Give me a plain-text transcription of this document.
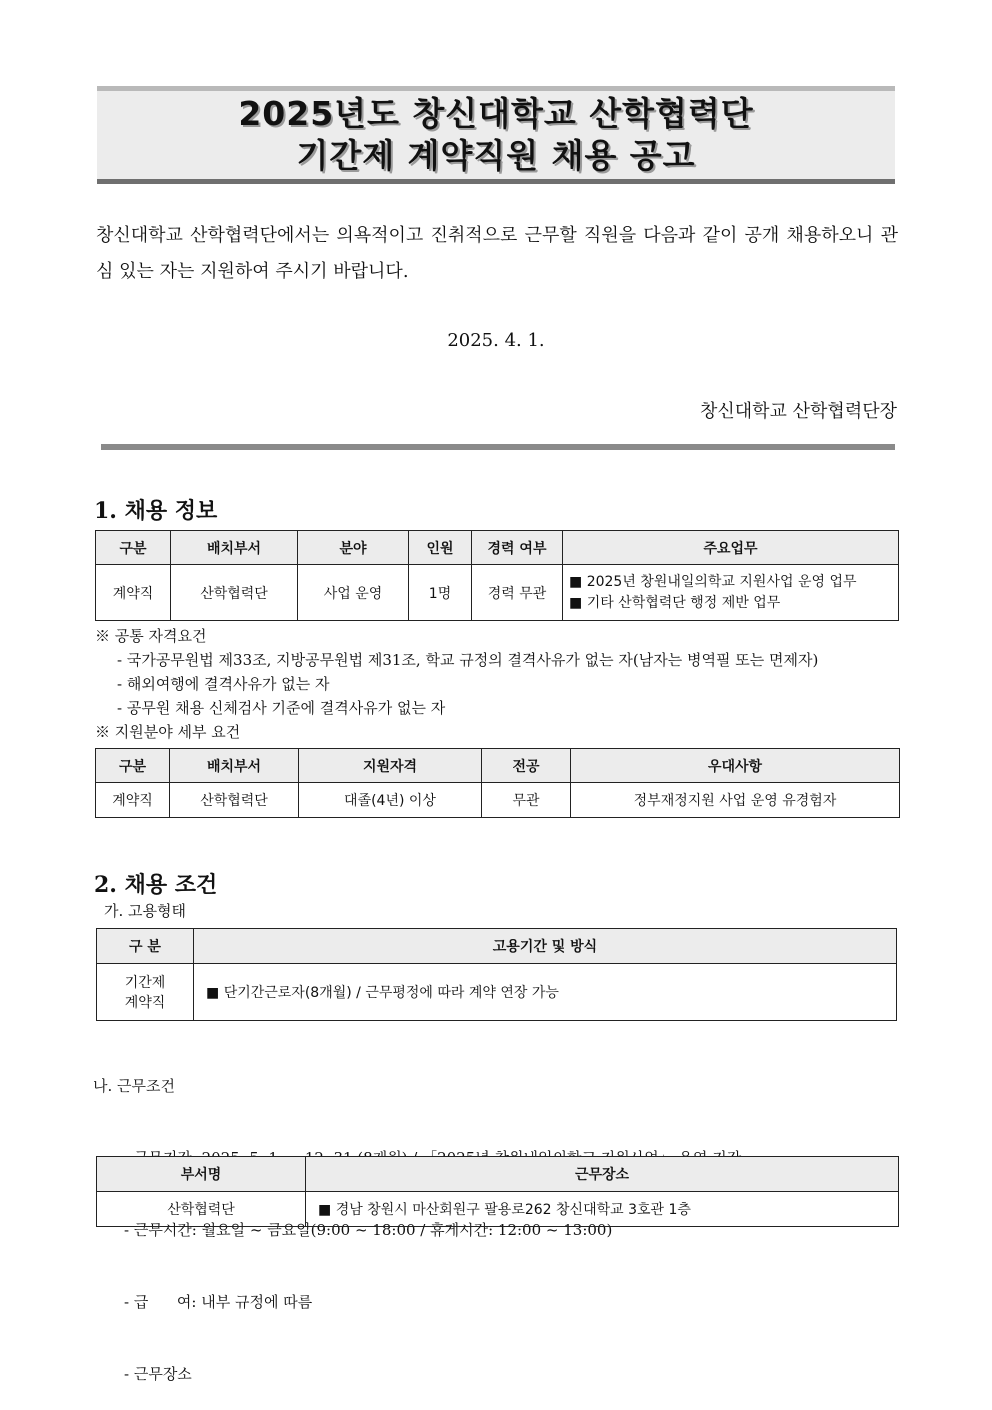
2025년도 창신대학교 산학협력단
기간제 계약직원 채용 공고
창신대학교 산학협력단에서는 의욕적이고 진취적으로 근무할 직원을 다음과 같이 공개 채용하오니 관심 있는 자는 지원하여 주시기 바랍니다.
2025. 4. 1.
창신대학교 산학협력단장
1. 채용 정보
구분	배치부서	분야	인원	경력 여부	주요업무
계약직	산학협력단	사업 운영	1명	경력 무관	■ 2025년 창원내일의학교 지원사업 운영 업무
■ 기타 산학협력단 행정 제반 업무
※ 공통 자격요건
- 국가공무원법 제33조, 지방공무원법 제31조, 학교 규정의 결격사유가 없는 자(남자는 병역필 또는 면제자)
- 해외여행에 결격사유가 없는 자
- 공무원 채용 신체검사 기준에 결격사유가 없는 자
※ 지원분야 세부 요건
구분	배치부서	지원자격	전공	우대사항
계약직	산학협력단	대졸(4년) 이상	무관	정부재정지원 사업 운영 유경험자
2. 채용 조건
가. 고용형태
구 분	고용기간 및 방식

기간제
계약직	■ 단기간근로자(8개월) / 근무평정에 따라 계약 연장 가능

나. 근무조건

- 근무시간: 월요일 ~ 금요일(9:00 ~ 18:00 / 휴게시간: 12:00 ~ 13:00)

- 급      여: 내부 규정에 따름

- 근무장소

부서명	근무장소
산학협력단	■ 경남 창원시 마산회원구 팔용로262 창신대학교 3호관 1층
